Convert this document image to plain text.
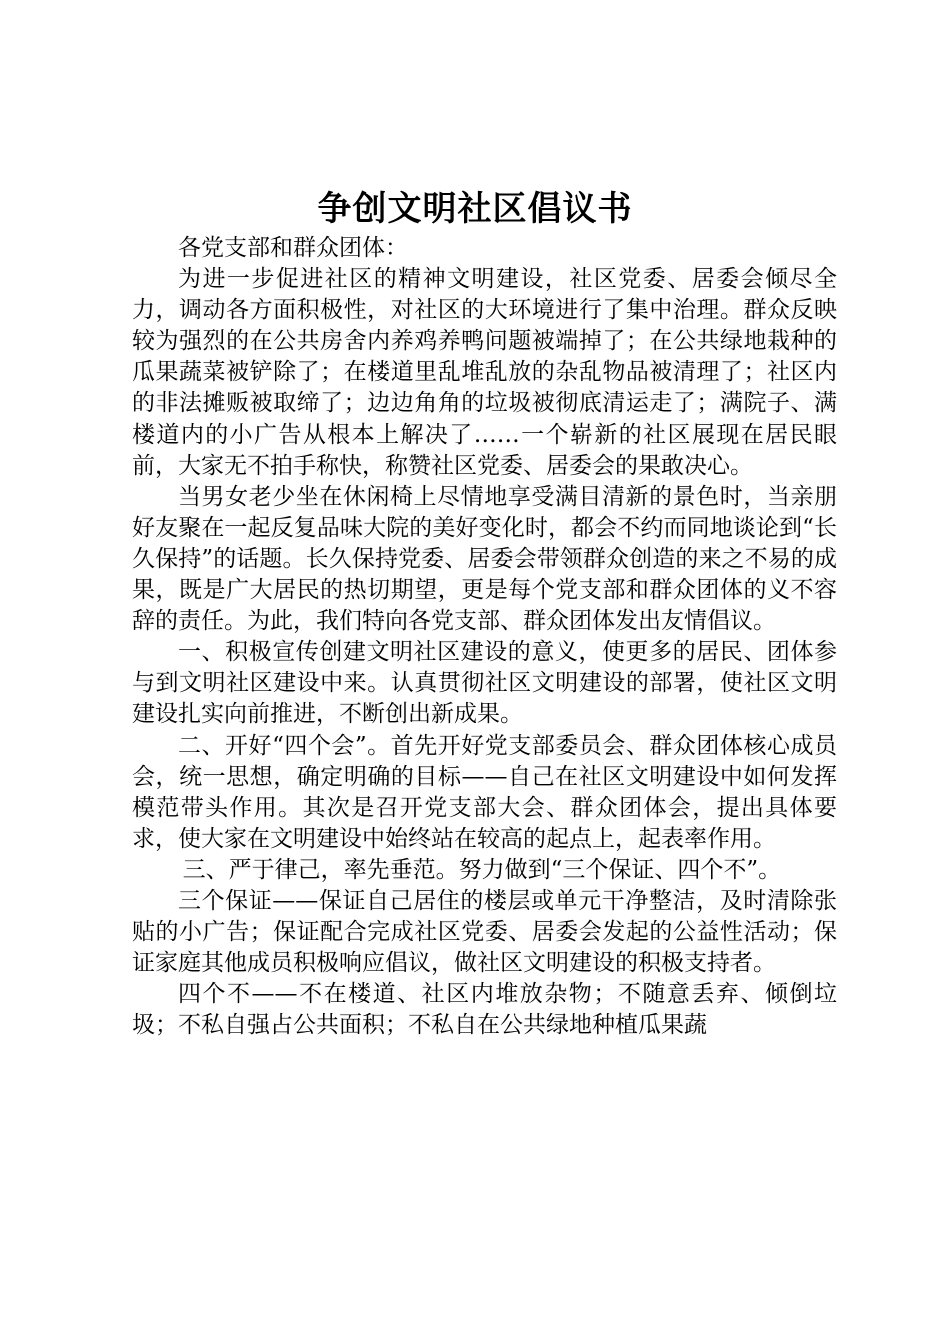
争创文明社区倡议书

各党支部和群众团体：

为进一步促进社区的精神文明建设，社区党委、居委会倾尽全力，调动各方面积极性，对社区的大环境进行了集中治理。群众反映较为强烈的在公共房舍内养鸡养鸭问题被端掉了；在公共绿地栽种的瓜果蔬菜被铲除了；在楼道里乱堆乱放的杂乱物品被清理了；社区内的非法摊贩被取缔了；边边角角的垃圾被彻底清运走了；满院子、满楼道内的小广告从根本上解决了……一个崭新的社区展现在居民眼前，大家无不拍手称快，称赞社区党委、居委会的果敢决心。

当男女老少坐在休闲椅上尽情地享受满目清新的景色时，当亲朋好友聚在一起反复品味大院的美好变化时，都会不约而同地谈论到“长久保持”的话题。长久保持党委、居委会带领群众创造的来之不易的成果，既是广大居民的热切期望，更是每个党支部和群众团体的义不容辞的责任。为此，我们特向各党支部、群众团体发出友情倡议。

一、积极宣传创建文明社区建设的意义，使更多的居民、团体参与到文明社区建设中来。认真贯彻社区文明建设的部署，使社区文明建设扎实向前推进，不断创出新成果。

二、开好“四个会”。首先开好党支部委员会、群众团体核心成员会，统一思想，确定明确的目标——自己在社区文明建设中如何发挥模范带头作用。其次是召开党支部大会、群众团体会，提出具体要求，使大家在文明建设中始终站在较高的起点上，起表率作用。

三、严于律己，率先垂范。努力做到“三个保证、四个不”。

三个保证——保证自己居住的楼层或单元干净整洁，及时清除张贴的小广告；保证配合完成社区党委、居委会发起的公益性活动；保证家庭其他成员积极响应倡议，做社区文明建设的积极支持者。

四个不——不在楼道、社区内堆放杂物；不随意丢弃、倾倒垃圾；不私自强占公共面积；不私自在公共绿地种植瓜果蔬
